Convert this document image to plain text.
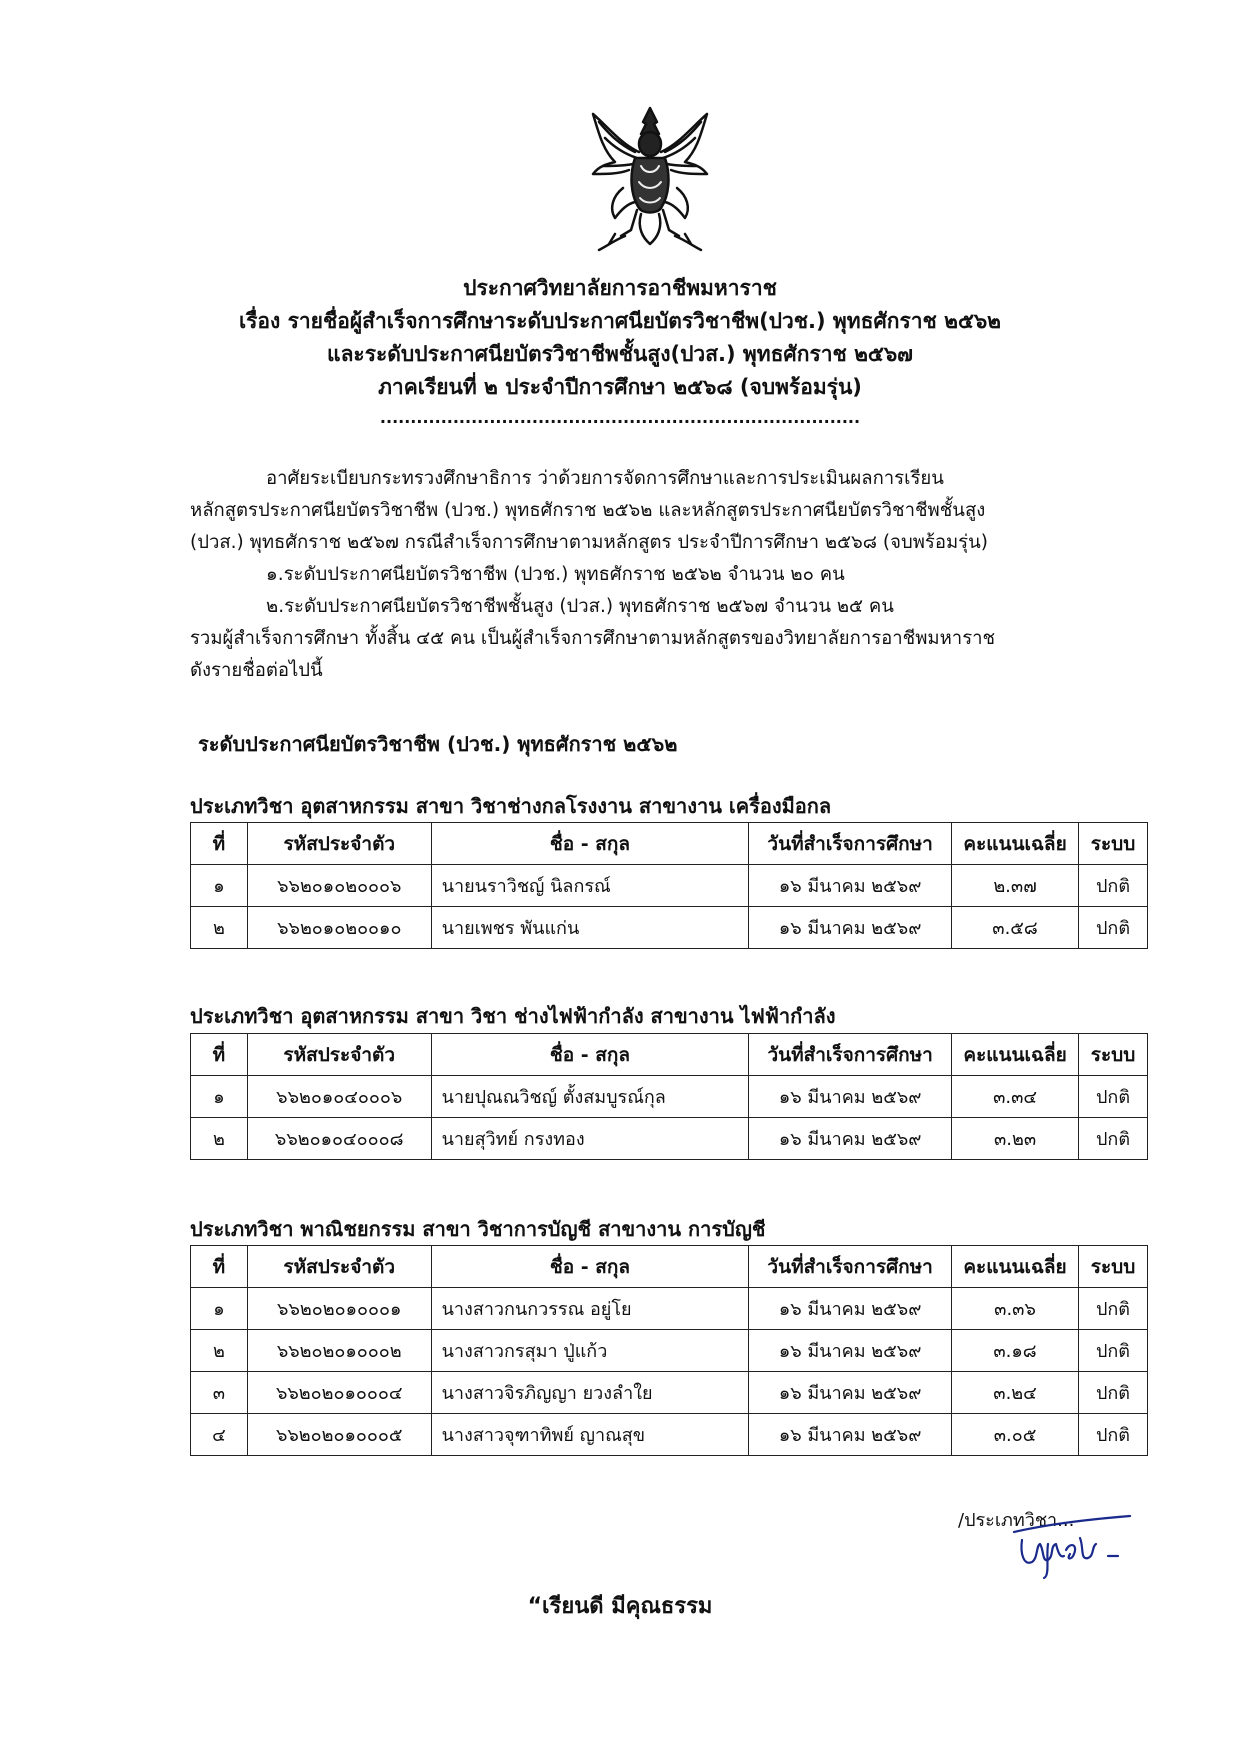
ประกาศวิทยาลัยการอาชีพมหาราช
เรื่อง รายชื่อผู้สำเร็จการศึกษาระดับประกาศนียบัตรวิชาชีพ(ปวช.) พุทธศักราช ๒๕๖๒
และระดับประกาศนียบัตรวิชาชีพชั้นสูง(ปวส.) พุทธศักราช ๒๕๖๗
ภาคเรียนที่ ๒ ประจำปีการศึกษา ๒๕๖๘ (จบพร้อมรุ่น)
...............................................................................

อาศัยระเบียบกระทรวงศึกษาธิการ ว่าด้วยการจัดการศึกษาและการประเมินผลการเรียน

หลักสูตรประกาศนียบัตรวิชาชีพ (ปวช.) พุทธศักราช ๒๕๖๒ และหลักสูตรประกาศนียบัตรวิชาชีพชั้นสูง

(ปวส.) พุทธศักราช ๒๕๖๗ กรณีสำเร็จการศึกษาตามหลักสูตร ประจำปีการศึกษา ๒๕๖๘ (จบพร้อมรุ่น)

๑.ระดับประกาศนียบัตรวิชาชีพ (ปวช.) พุทธศักราช ๒๕๖๒ จำนวน ๒๐ คน

๒.ระดับประกาศนียบัตรวิชาชีพชั้นสูง (ปวส.) พุทธศักราช ๒๕๖๗ จำนวน ๒๕ คน

รวมผู้สำเร็จการศึกษา ทั้งสิ้น ๔๕ คน เป็นผู้สำเร็จการศึกษาตามหลักสูตรของวิทยาลัยการอาชีพมหาราช

ดังรายชื่อต่อไปนี้

ระดับประกาศนียบัตรวิชาชีพ (ปวช.) พุทธศักราช ๒๕๖๒
ประเภทวิชา อุตสาหกรรม สาขา วิชาช่างกลโรงงาน สาขางาน เครื่องมือกล
ที่	รหัสประจำตัว	ชื่อ - สกุล	วันที่สำเร็จการศึกษา	คะแนนเฉลี่ย	ระบบ
๑	๖๖๒๐๑๐๒๐๐๐๖	นายนราวิชญ์ นิลกรณ์	๑๖ มีนาคม ๒๕๖๙	๒.๓๗	ปกติ
๒	๖๖๒๐๑๐๒๐๐๑๐	นายเพชร พันแก่น	๑๖ มีนาคม ๒๕๖๙	๓.๕๘	ปกติ
ประเภทวิชา อุตสาหกรรม สาขา วิชา ช่างไฟฟ้ากำลัง สาขางาน ไฟฟ้ากำลัง
ที่	รหัสประจำตัว	ชื่อ - สกุล	วันที่สำเร็จการศึกษา	คะแนนเฉลี่ย	ระบบ
๑	๖๖๒๐๑๐๔๐๐๐๖	นายปุณณวิชญ์ ตั้งสมบูรณ์กุล	๑๖ มีนาคม ๒๕๖๙	๓.๓๔	ปกติ
๒	๖๖๒๐๑๐๔๐๐๐๘	นายสุวิทย์ กรงทอง	๑๖ มีนาคม ๒๕๖๙	๓.๒๓	ปกติ
ประเภทวิชา พาณิชยกรรม สาขา วิชาการบัญชี สาขางาน การบัญชี
ที่	รหัสประจำตัว	ชื่อ - สกุล	วันที่สำเร็จการศึกษา	คะแนนเฉลี่ย	ระบบ
๑	๖๖๒๐๒๐๑๐๐๐๑	นางสาวกนกวรรณ อยู่โย	๑๖ มีนาคม ๒๕๖๙	๓.๓๖	ปกติ
๒	๖๖๒๐๒๐๑๐๐๐๒	นางสาวกรสุมา ปู่แก้ว	๑๖ มีนาคม ๒๕๖๙	๓.๑๘	ปกติ
๓	๖๖๒๐๒๐๑๐๐๐๔	นางสาวจิรภิญญา ยวงลำใย	๑๖ มีนาคม ๒๕๖๙	๓.๒๔	ปกติ
๔	๖๖๒๐๒๐๑๐๐๐๕	นางสาวจุฑาทิพย์ ญาณสุข	๑๖ มีนาคม ๒๕๖๙	๓.๐๕	ปกติ
/ประเภทวิชา...
“เรียนดี มีคุณธรรม
